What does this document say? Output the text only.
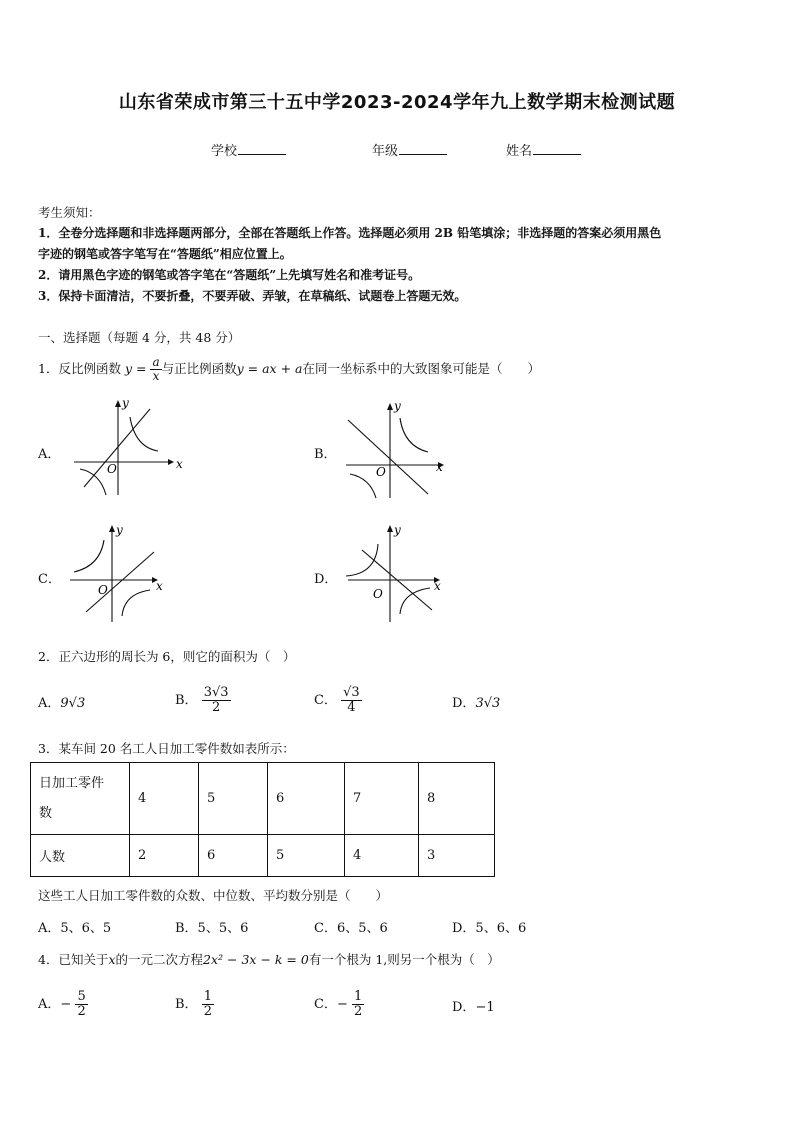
山东省荣成市第三十五中学2023-2024学年九上数学期末检测试题
学校	年级	姓名
考生须知：
1．全卷分选择题和非选择题两部分，全部在答题纸上作答。选择题必须用 2B 铅笔填涂；非选择题的答案必须用黑色
字迹的钢笔或答字笔写在“答题纸”相应位置上。
2．请用黑色字迹的钢笔或答字笔在“答题纸”上先填写姓名和准考证号。
3．保持卡面清洁，不要折叠，不要弄破、弄皱，在草稿纸、试题卷上答题无效。
一、选择题（每题 4 分，共 48 分）
1．反比例函数 $y = \frac{a}{x}$ 与正比例函数y = ax + a在同一坐标系中的大致图象可能是（　　）
A．	B．
C．	D．
x
y
O	x
y
O
x
y
O	x
y
O
2．正六边形的周长为 6，则它的面积为（　）
A．9√3	B． $\frac{3√3}{2}$	C． $\frac{√3}{4}$	D．3√3
3．某车间 20 名工人日加工零件数如表所示：
日加工零件
数	4	5	6	7	8
人数	2	6	5	4	3
这些工人日加工零件数的众数、中位数、平均数分别是（　　）
A．5、6、5	B．5、5、6	C．6、5、6	D．5、6、6
4．已知关于x的一元二次方程2x² − 3x − k = 0有一个根为 1,则另一个根为（　）
A．− $\frac{5}{2}$	B． $\frac{1}{2}$	C．− $\frac{1}{2}$	D．−1
